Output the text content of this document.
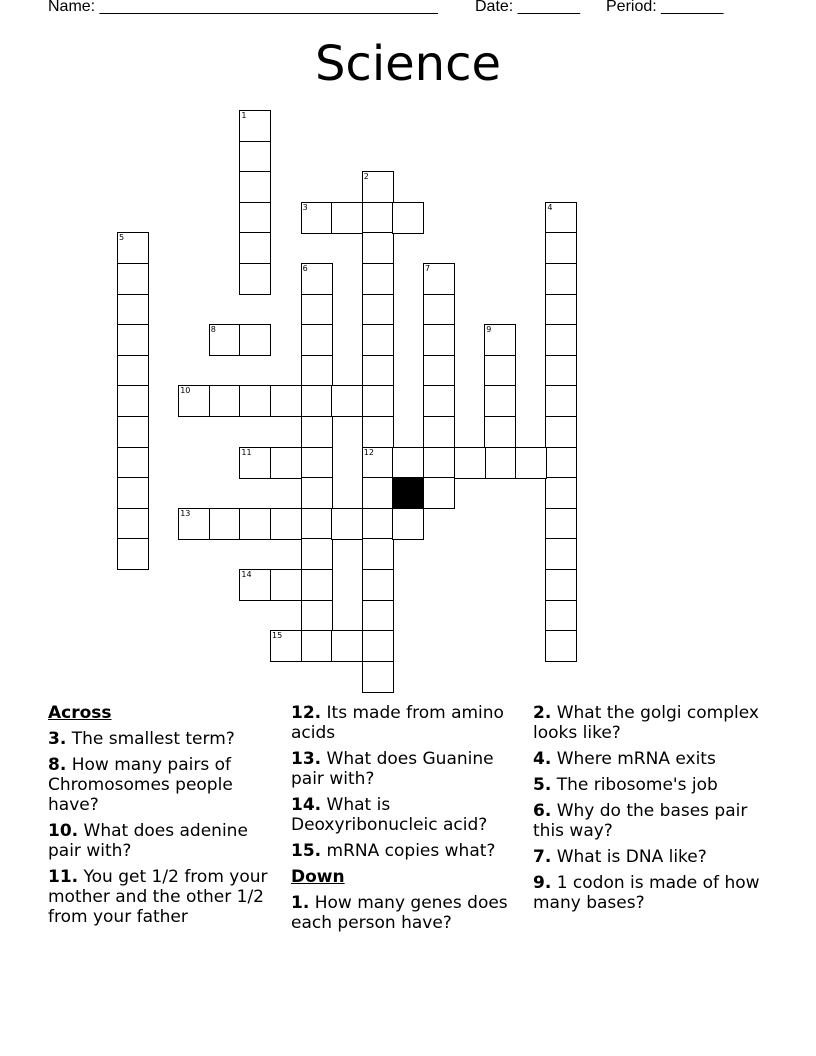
Name: ______________________________________ Date: _______ Period: _______
Science
1
2
12
3	4
5
6	7
8	9
10
11
13
14
15
Across
3. The smallest term?
8. How many pairs of Chromosomes people have?
10. What does adenine pair with?
11. You get 1/2 from your mother and the other 1/2 from your father
12. Its made from amino acids
13. What does Guanine pair with?
14. What is Deoxyribonucleic acid?
15. mRNA copies what?
Down
1. How many genes does each person have?
2. What the golgi complex looks like?
4. Where mRNA exits
5. The ribosome's job
6. Why do the bases pair this way?
7. What is DNA like?
9. 1 codon is made of how many bases?
